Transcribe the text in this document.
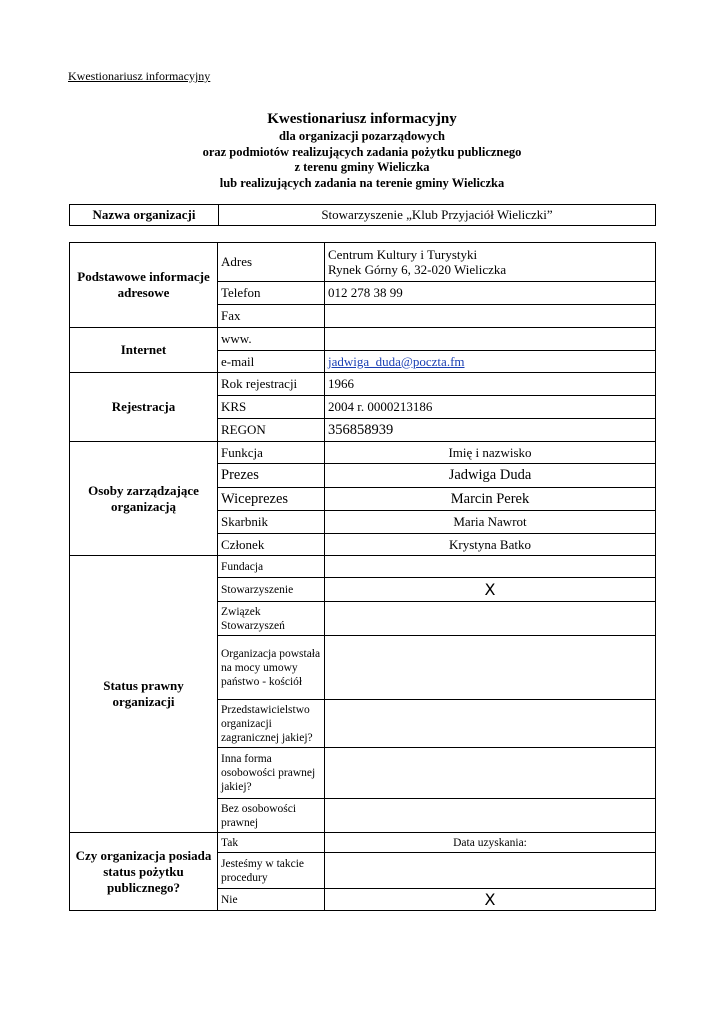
Kwestionariusz informacyjny
Kwestionariusz informacyjny
dla organizacji pozarządowych
oraz podmiotów realizujących zadania pożytku publicznego
z terenu gminy Wieliczka
lub realizujących zadania na terenie gminy Wieliczka
Nazwa organizacji	Stowarzyszenie „Klub Przyjaciół Wieliczki”
Podstawowe informacje adresowe	Adres	Centrum Kultury i Turystyki
Rynek Górny 6, 32-020 Wieliczka

	Telefon	012 278 38 99
	Fax	
Internet	www.	
	e-mail	jadwiga_duda@poczta.fm
Rejestracja	Rok rejestracji	1966
	KRS	2004 r. 0000213186
	REGON	356858939
Osoby zarządzające organizacją	Funkcja	Imię i nazwisko
	Prezes	Jadwiga Duda
	Wiceprezes	Marcin Perek
	Skarbnik	Maria Nawrot
	Członek	Krystyna Batko
Status prawny organizacji	Fundacja	
	Stowarzyszenie	X
	Związek Stowarzyszeń	
	Organizacja powstała na mocy umowy państwo - kościół	
	Przedstawicielstwo organizacji zagranicznej jakiej?	
	Inna forma osobowości prawnej jakiej?	
	Bez osobowości prawnej	
Czy organizacja posiada status pożytku publicznego?	Tak	Data uzyskania:
	Jesteśmy w takcie procedury	
	Nie	X
